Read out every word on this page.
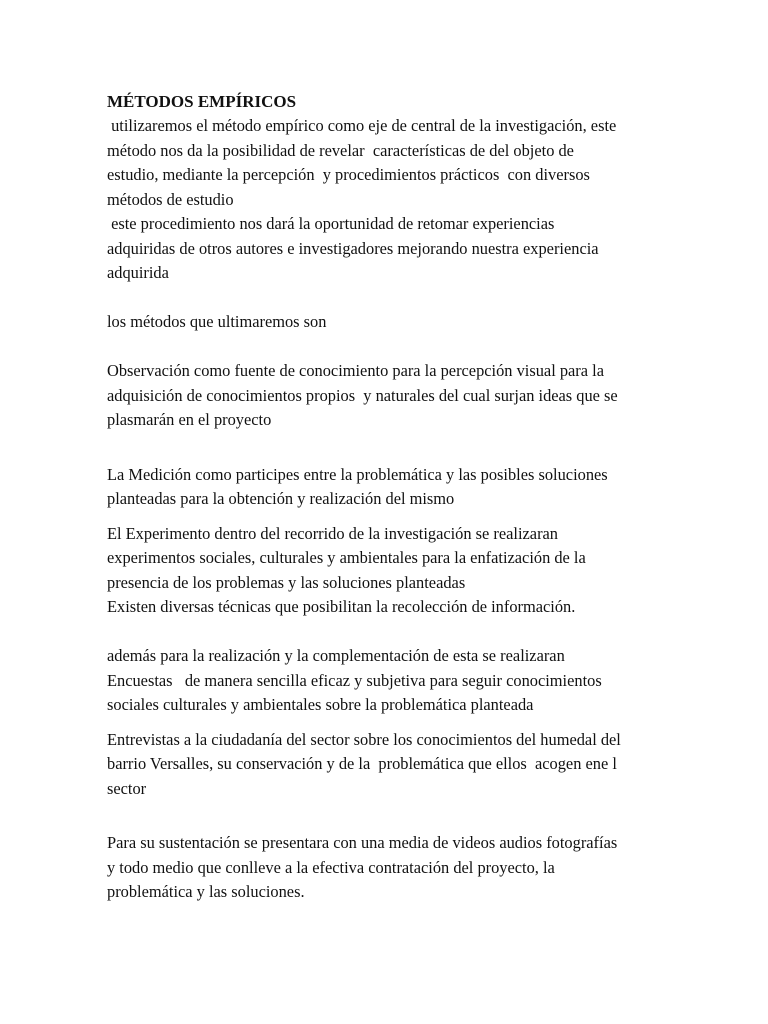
MÉTODOS EMPÍRICOS
utilizaremos el método empírico como eje de central de la investigación, este
método nos da la posibilidad de revelar  características de del objeto de
estudio, mediante la percepción  y procedimientos prácticos  con diversos
métodos de estudio
este procedimiento nos dará la oportunidad de retomar experiencias
adquiridas de otros autores e investigadores mejorando nuestra experiencia
adquirida
los métodos que ultimaremos son
Observación como fuente de conocimiento para la percepción visual para la
adquisición de conocimientos propios  y naturales del cual surjan ideas que se
plasmarán en el proyecto
La Medición como participes entre la problemática y las posibles soluciones
planteadas para la obtención y realización del mismo
El Experimento dentro del recorrido de la investigación se realizaran
experimentos sociales, culturales y ambientales para la enfatización de la
presencia de los problemas y las soluciones planteadas
Existen diversas técnicas que posibilitan la recolección de información.
además para la realización y la complementación de esta se realizaran
Encuestas   de manera sencilla eficaz y subjetiva para seguir conocimientos
sociales culturales y ambientales sobre la problemática planteada
Entrevistas a la ciudadanía del sector sobre los conocimientos del humedal del
barrio Versalles, su conservación y de la  problemática que ellos  acogen ene l
sector
Para su sustentación se presentara con una media de videos audios fotografías
y todo medio que conlleve a la efectiva contratación del proyecto, la
problemática y las soluciones.
